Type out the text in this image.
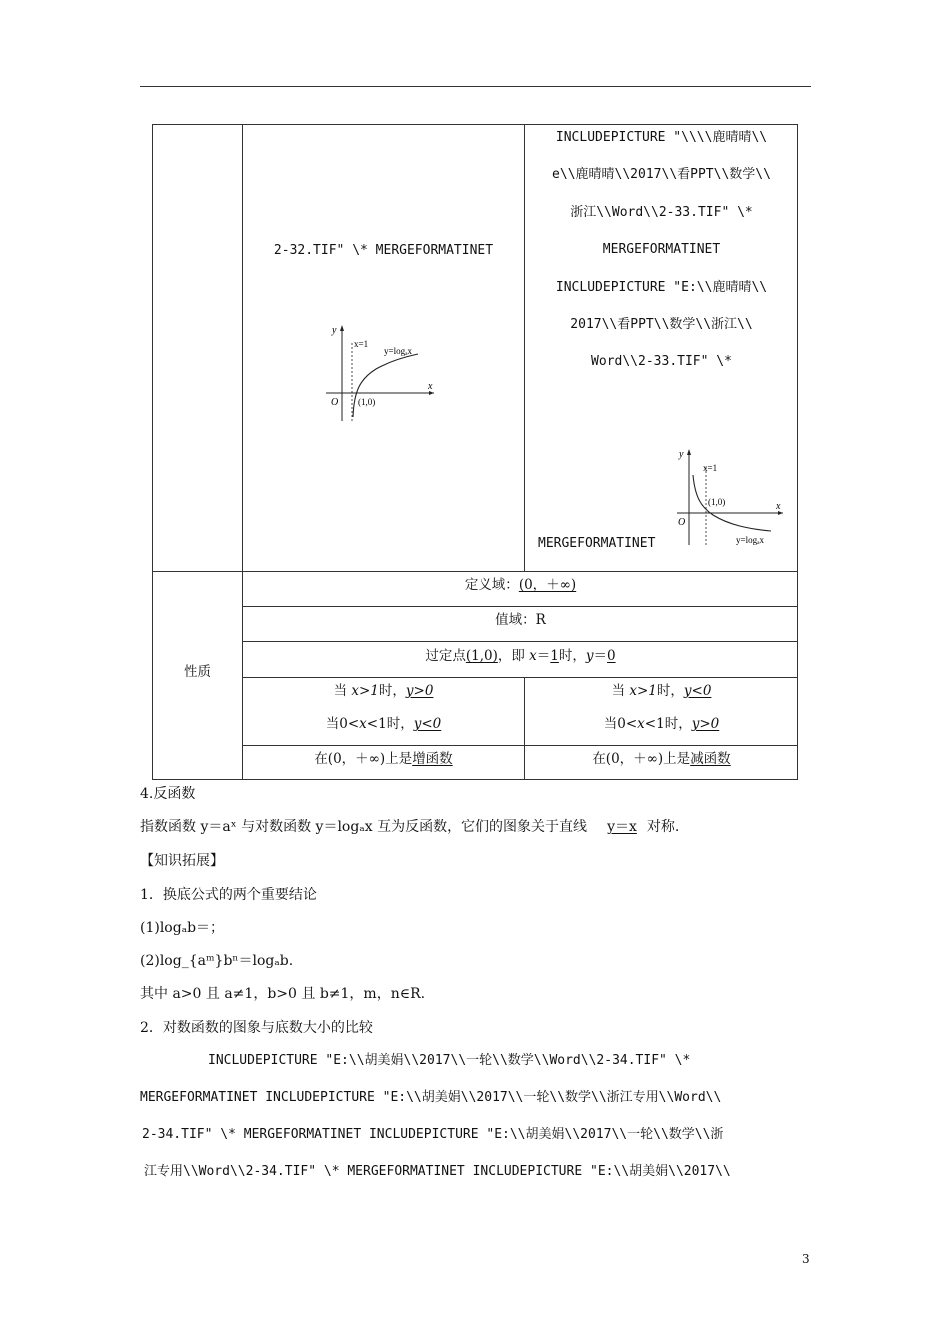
2-32.TIF" \* MERGEFORMATINET
y
x
O
x=1
(1,0)
y=logₐx
INCLUDEPICTURE "\\\\鹿晴晴\\
e\\鹿晴晴\\2017\\看PPT\\数学\\
浙江\\Word\\2-33.TIF" \*
MERGEFORMATINET
INCLUDEPICTURE "E:\\鹿晴晴\\
2017\\看PPT\\数学\\浙江\\
Word\\2-33.TIF" \*
MERGEFORMATINET
y
x
O
x=1
(1,0)
y=logₐx
性质
定义域：(0，＋∞)
值域：R
过定点(1,0)，即 x＝1时，y＝0
当 x>1时，y>0
当0<x<1时，y<0
当 x>1时，y<0
当0<x<1时，y>0
在(0，＋∞)上是增函数	在(0，＋∞)上是减函数
4.反函数
指数函数 y＝aˣ 与对数函数 y＝logₐx 互为反函数，它们的图象关于直线 y＝x 对称.
【知识拓展】
1．换底公式的两个重要结论
(1)logₐb＝；
(2)log_{aᵐ}bⁿ＝logₐb.
其中 a>0 且 a≠1，b>0 且 b≠1，m，n∈R.
2．对数函数的图象与底数大小的比较
INCLUDEPICTURE "E:\\胡美娟\\2017\\一轮\\数学\\Word\\2-34.TIF" \*
MERGEFORMATINET INCLUDEPICTURE "E:\\胡美娟\\2017\\一轮\\数学\\浙江专用\\Word\\
2-34.TIF" \* MERGEFORMATINET INCLUDEPICTURE "E:\\胡美娟\\2017\\一轮\\数学\\浙
江专用\\Word\\2-34.TIF" \* MERGEFORMATINET INCLUDEPICTURE "E:\\胡美娟\\2017\\
3
